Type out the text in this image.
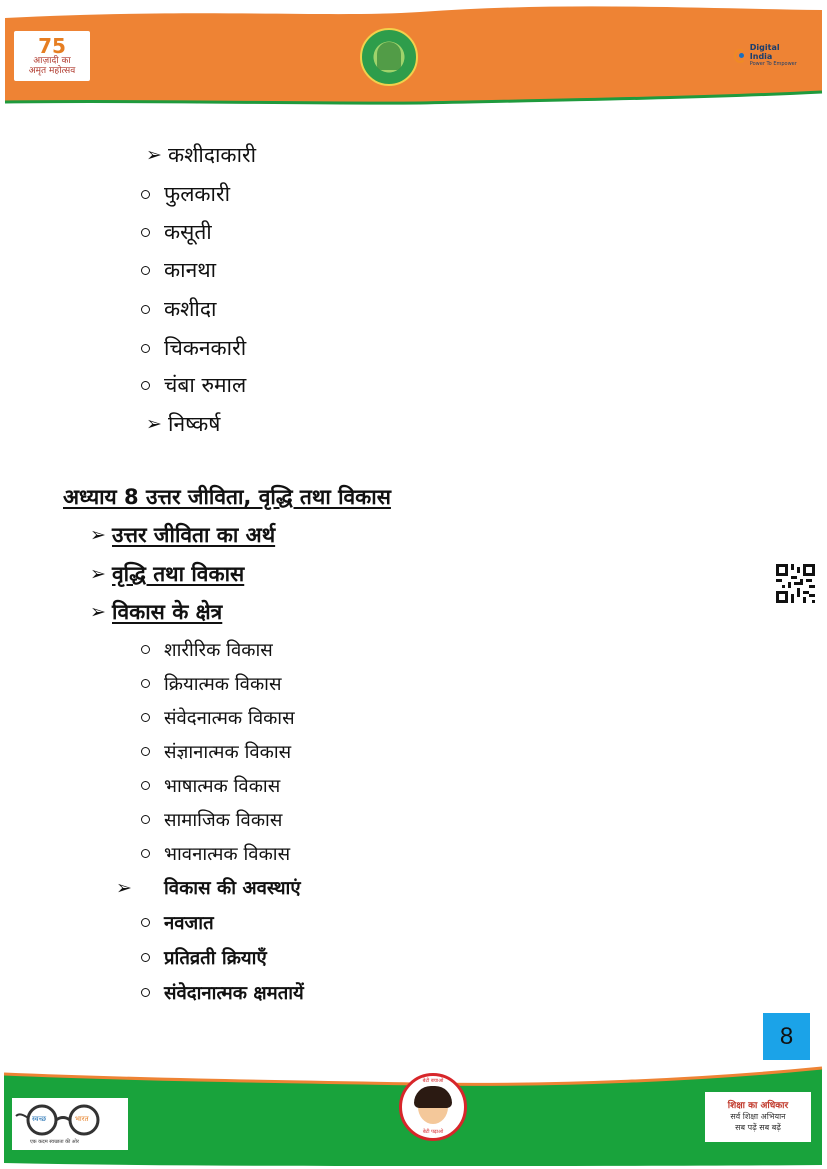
75
आज़ादी का
अमृत महोत्सव
Digital India
Power To Empower
➢ कशीदाकारी
फुलकारी
कसूती
कानथा
कशीदा
चिकनकारी
चंबा रुमाल
➢ निष्कर्ष
अध्याय 8 उत्तर जीविता, वृद्धि तथा विकास
➢ उत्तर जीविता का अर्थ
➢ वृद्धि तथा विकास
➢ विकास के क्षेत्र
शारीरिक विकास
क्रियात्मक विकास
संवेदनात्मक विकास
संज्ञानात्मक विकास
भाषात्मक विकास
सामाजिक विकास
भावनात्मक विकास
➢ विकास की अवस्थाएं
नवजात
प्रतिव्रती क्रियाएँ
संवेदानात्मक क्षमतायें
8
स्वच्छ	भारत
एक कदम स्वच्छता की ओर
बेटी बचाओ
बेटी पढ़ाओ
शिक्षा का अधिकार
सर्व शिक्षा अभियान
सब पढ़ें सब बढ़ें
